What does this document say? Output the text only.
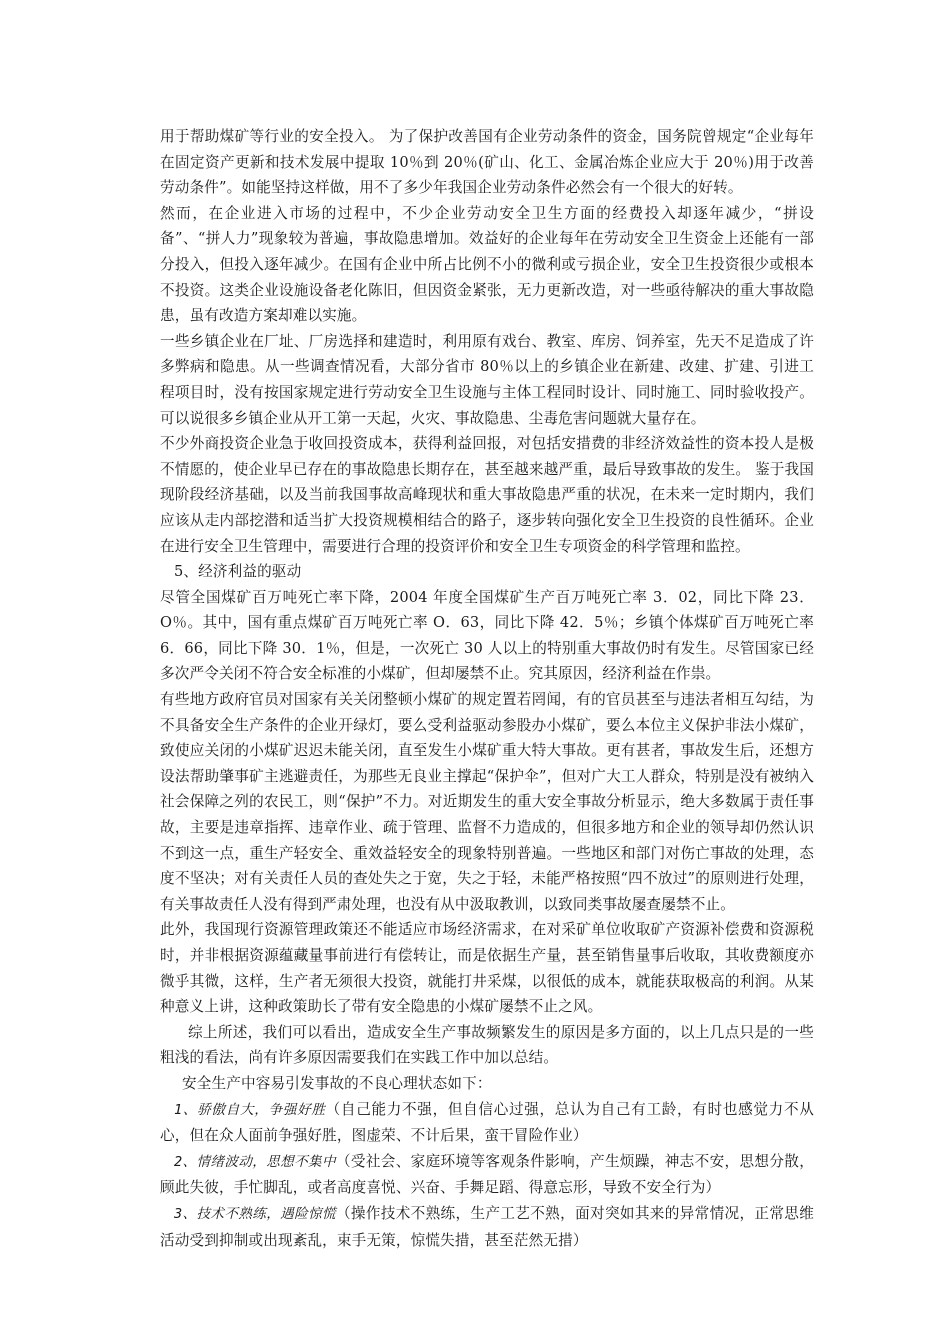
用于帮助煤矿等行业的安全投入。 为了保护改善国有企业劳动条件的资金，国务院曾规定“企业每年在固定资产更新和技术发展中提取 10％到 20％(矿山、化工、金属冶炼企业应大于 20％)用于改善劳动条件”。如能坚持这样做，用不了多少年我国企业劳动条件必然会有一个很大的好转。

然而，在企业进入市场的过程中，不少企业劳动安全卫生方面的经费投入却逐年减少，“拼设备”、“拼人力”现象较为普遍，事故隐患增加。效益好的企业每年在劳动安全卫生资金上还能有一部分投入，但投入逐年减少。在国有企业中所占比例不小的微利或亏损企业，安全卫生投资很少或根本不投资。这类企业设施设备老化陈旧，但因资金紧张，无力更新改造，对一些亟待解决的重大事故隐患，虽有改造方案却难以实施。

一些乡镇企业在厂址、厂房选择和建造时，利用原有戏台、教室、库房、饲养室，先天不足造成了许多弊病和隐患。从一些调查情况看，大部分省市 80％以上的乡镇企业在新建、改建、扩建、引进工程项目时，没有按国家规定进行劳动安全卫生设施与主体工程同时设计、同时施工、同时验收投产。可以说很多乡镇企业从开工第一天起，火灾、事故隐患、尘毒危害问题就大量存在。

不少外商投资企业急于收回投资成本，获得利益回报，对包括安措费的非经济效益性的资本投人是极不情愿的，使企业早已存在的事故隐患长期存在，甚至越来越严重，最后导致事故的发生。 鉴于我国现阶段经济基础，以及当前我国事故高峰现状和重大事故隐患严重的状况，在未来一定时期内，我们应该从走内部挖潜和适当扩大投资规模相结合的路子，逐步转向强化安全卫生投资的良性循环。企业在进行安全卫生管理中，需要进行合理的投资评价和安全卫生专项资金的科学管理和监控。

5、经济利益的驱动

尽管全国煤矿百万吨死亡率下降，2004 年度全国煤矿生产百万吨死亡率 3．02，同比下降 23．O％。其中，国有重点煤矿百万吨死亡率 O．63，同比下降 42．5％；乡镇个体煤矿百万吨死亡率 6．66，同比下降 30．1％，但是，一次死亡 30 人以上的特别重大事故仍时有发生。尽管国家已经多次严令关闭不符合安全标准的小煤矿，但却屡禁不止。究其原因，经济利益在作祟。

有些地方政府官员对国家有关关闭整顿小煤矿的规定置若罔闻，有的官员甚至与违法者相互勾结，为不具备安全生产条件的企业开绿灯，要么受利益驱动参股办小煤矿，要么本位主义保护非法小煤矿，致使应关闭的小煤矿迟迟未能关闭，直至发生小煤矿重大特大事故。更有甚者，事故发生后，还想方设法帮助肇事矿主逃避责任，为那些无良业主撑起“保护伞”，但对广大工人群众，特别是没有被纳入社会保障之列的农民工，则“保护”不力。对近期发生的重大安全事故分析显示，绝大多数属于责任事故，主要是违章指挥、违章作业、疏于管理、监督不力造成的，但很多地方和企业的领导却仍然认识不到这一点，重生产轻安全、重效益轻安全的现象特别普遍。一些地区和部门对伤亡事故的处理，态度不坚决；对有关责任人员的查处失之于宽，失之于轻，未能严格按照“四不放过”的原则进行处理，有关事故责任人没有得到严肃处理，也没有从中汲取教训，以致同类事故屡查屡禁不止。

此外，我国现行资源管理政策还不能适应市场经济需求，在对采矿单位收取矿产资源补偿费和资源税时，并非根据资源蕴藏量事前进行有偿转让，而是依据生产量，甚至销售量事后收取，其收费额度亦微乎其微，这样，生产者无须很大投资，就能打井采煤，以很低的成本，就能获取极高的利润。从某种意义上讲，这种政策助长了带有安全隐患的小煤矿屡禁不止之风。

综上所述，我们可以看出，造成安全生产事故频繁发生的原因是多方面的，以上几点只是的一些粗浅的看法，尚有许多原因需要我们在实践工作中加以总结。

安全生产中容易引发事故的不良心理状态如下：

1、骄傲自大，争强好胜（自己能力不强，但自信心过强，总认为自己有工龄，有时也感觉力不从心，但在众人面前争强好胜，图虚荣、不计后果，蛮干冒险作业）

2、情绪波动，思想不集中（受社会、家庭环境等客观条件影响，产生烦躁，神志不安，思想分散，顾此失彼，手忙脚乱，或者高度喜悦、兴奋、手舞足蹈、得意忘形，导致不安全行为）

3、技术不熟练，遇险惊慌（操作技术不熟练，生产工艺不熟，面对突如其来的异常情况，正常思维活动受到抑制或出现紊乱，束手无策，惊慌失措，甚至茫然无措）
